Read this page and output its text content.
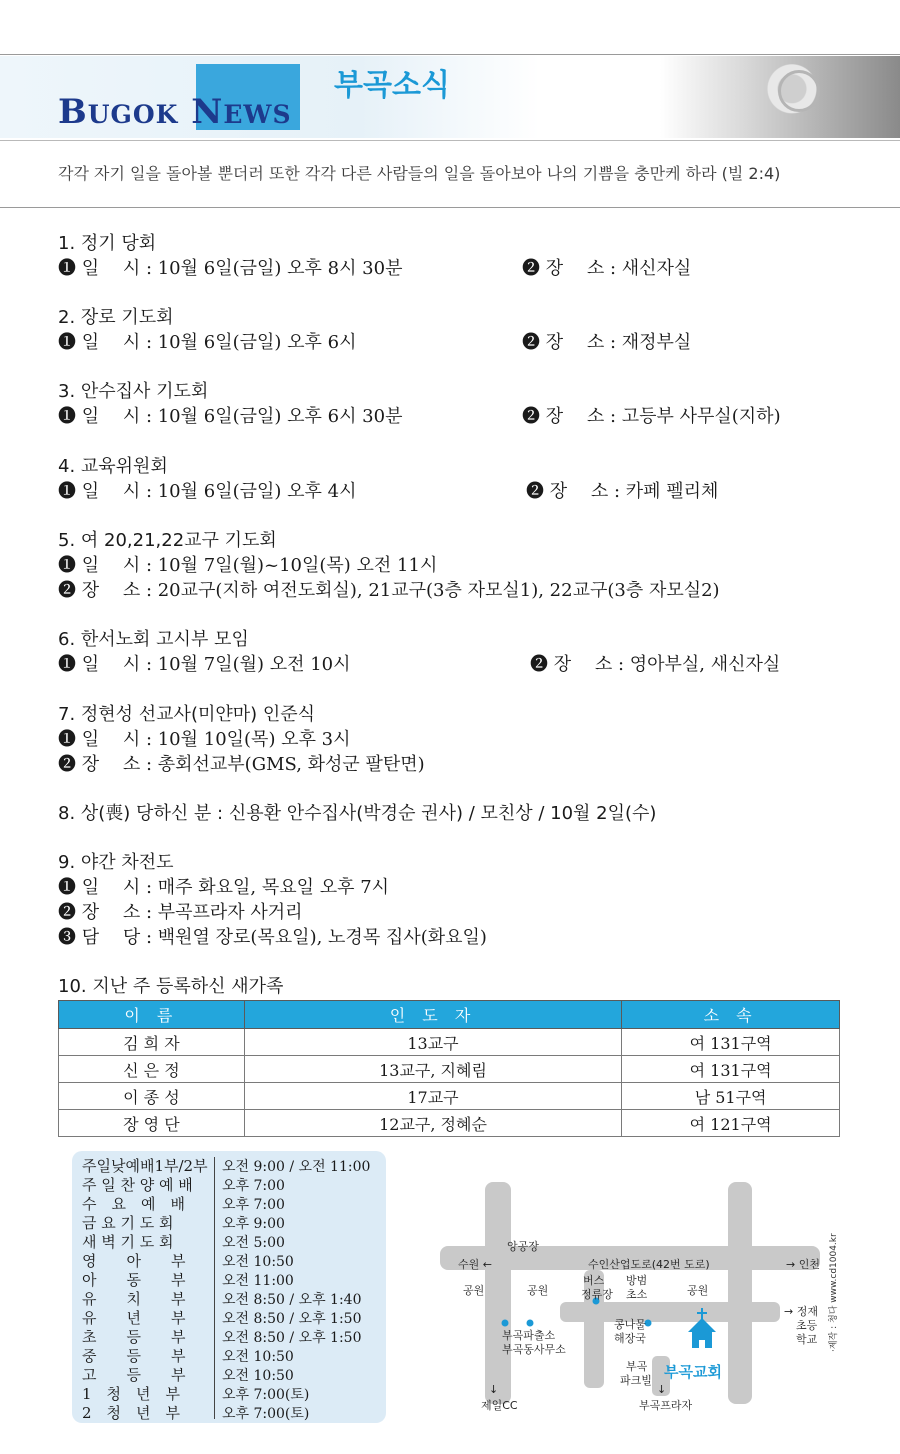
BUGOK NEWS
부곡소식
각각 자기 일을 돌아볼 뿐더러 또한 각각 다른 사람들의 일을 돌아보아 나의 기쁨을 충만케 하라 (빌 2:4)
1. 정기 당회
❶ 일　 시 : 10월 6일(금일) 오후 8시 30분	❷ 장　 소 : 새신자실
2. 장로 기도회
❶ 일　 시 : 10월 6일(금일) 오후 6시	❷ 장　 소 : 재정부실
3. 안수집사 기도회
❶ 일　 시 : 10월 6일(금일) 오후 6시 30분	❷ 장　 소 : 고등부 사무실(지하)
4. 교육위원회
❶ 일　 시 : 10월 6일(금일) 오후 4시	❷ 장　 소 : 카페 펠리체
5. 여 20,21,22교구 기도회
❶ 일　 시 : 10월 7일(월)~10일(목) 오전 11시
❷ 장　 소 : 20교구(지하 여전도회실), 21교구(3층 자모실1), 22교구(3층 자모실2)
6. 한서노회 고시부 모임
❶ 일　 시 : 10월 7일(월) 오전 10시	❷ 장　 소 : 영아부실, 새신자실
7. 정현성 선교사(미얀마) 인준식
❶ 일　 시 : 10월 10일(목) 오후 3시
❷ 장　 소 : 총회선교부(GMS, 화성군 팔탄면)
8. 상(喪) 당하신 분 : 신용환 안수집사(박경순 권사) / 모친상 / 10월 2일(수)
9. 야간 차전도
❶ 일　 시 : 매주 화요일, 목요일 오후 7시
❷ 장　 소 : 부곡프라자 사거리
❸ 담　 당 : 백원열 장로(목요일), 노경목 집사(화요일)
10. 지난 주 등록하신 새가족
이 름	인 도 자	소 속
김 희 자	13교구	여 131구역
신 은 정	13교구, 지혜림	여 131구역
이 종 성	17교구	남 51구역
장 영 단	12교구, 정혜순	여 121구역
주일낮예배1부/2부 오전 9:00 / 오전 11:00
주 일 찬 양 예 배 오후 7:00
수　요　예　배	오후 7:00
금 요 기 도 회	오후 9:00
새 벽 기 도 회	오전 5:00
영　　아　　부	오전 10:50
아　　동　　부	오전 11:00
유　　치　　부	오전 8:50 / 오후 1:40
유　　년　　부	오전 8:50 / 오후 1:50
초　　등　　부	오전 8:50 / 오후 1:50
중　　등　　부	오전 10:50
고　　등　　부	오전 10:50
1　청　년　부	오후 7:00(토)
2　청　년　부	오후 7:00(토)
앙공장
수원 ←	수인산업도로(42번 도로)	→ 인천
공원	공원
버스
정류장
방범
초소	공원
→ 정재
초등
학교
부곡파출소
부곡동사무소
콩나물
해장국
부곡
파크빌 부곡교회
제일CC	부곡프라자
↓	↓
·제작 : 청다 www.cd1004.kr
